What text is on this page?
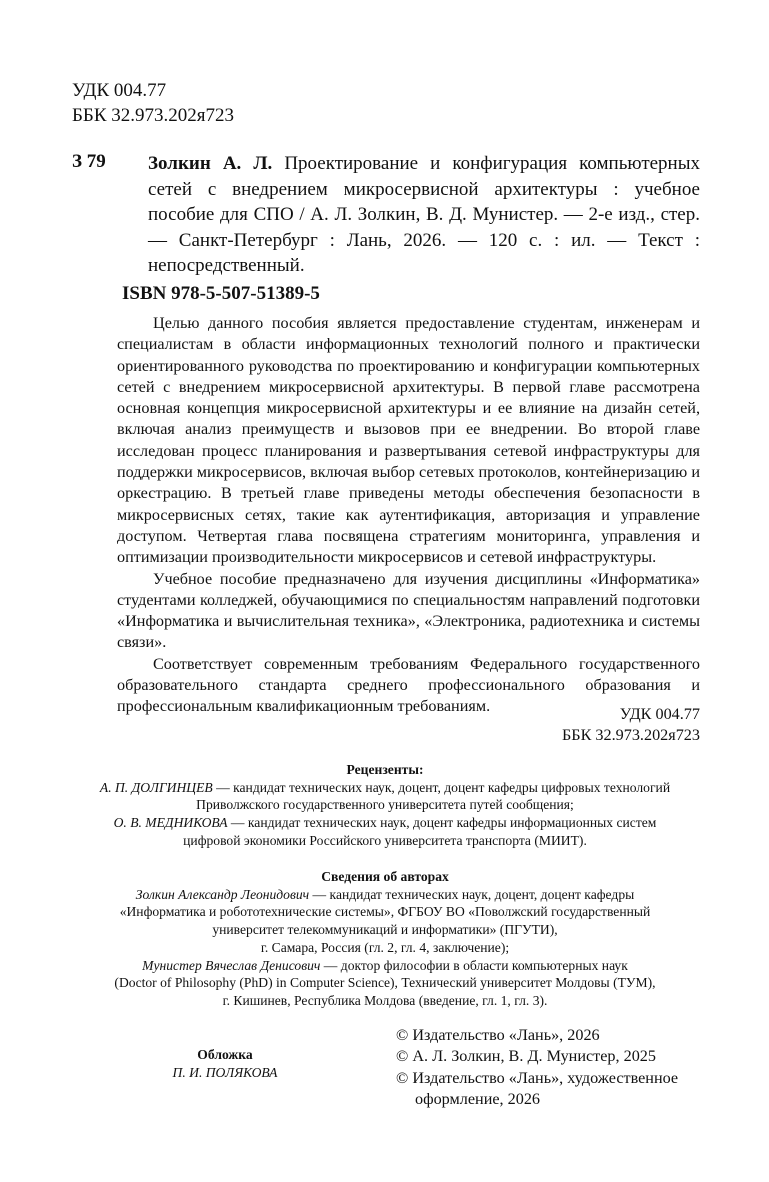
УДК 004.77
ББК 32.973.202я723
З 79 Золкин А. Л. Проектирование и конфигурация компьютерных сетей с внедрением микросервисной архитектуры : учебное пособие для СПО / А. Л. Золкин, В. Д. Мунистер. — 2-е изд., стер. — Санкт-Петербург : Лань, 2026. — 120 с. : ил. — Текст : непосредственный.
ISBN 978-5-507-51389-5

Целью данного пособия является предоставление студентам, инженерам и специалистам в области информационных технологий полного и практически ориентированного руководства по проектированию и конфигурации компьютерных сетей с внедрением микросервисной архитектуры. В первой главе рассмотрена основная концепция микросервисной архитектуры и ее влияние на дизайн сетей, включая анализ преимуществ и вызовов при ее внедрении. Во второй главе исследован процесс планирования и развертывания сетевой инфраструктуры для поддержки микросервисов, включая выбор сетевых протоколов, контейнеризацию и оркестрацию. В третьей главе приведены методы обеспечения безопасности в микросервисных сетях, такие как аутентификация, авторизация и управление доступом. Четвертая глава посвящена стратегиям мониторинга, управления и оптимизации производительности микросервисов и сетевой инфраструктуры.

Учебное пособие предназначено для изучения дисциплины «Информатика» студентами колледжей, обучающимися по специальностям направлений подготовки «Информатика и вычислительная техника», «Электроника, радиотехника и системы связи».

Соответствует современным требованиям Федерального государственного образовательного стандарта среднего профессионального образования и профессиональным квалификационным требованиям.	УДК 004.77
ББК 32.973.202я723
Рецензенты:
А. П. ДОЛГИНЦЕВ — кандидат технических наук, доцент, доцент кафедры цифровых технологий
Приволжского государственного университета путей сообщения;
О. В. МЕДНИКОВА — кандидат технических наук, доцент кафедры информационных систем
цифровой экономики Российского университета транспорта (МИИТ).
Сведения об авторах
Золкин Александр Леонидович — кандидат технических наук, доцент, доцент кафедры
«Информатика и робототехнические системы», ФГБОУ ВО «Поволжский государственный
университет телекоммуникаций и информатики» (ПГУТИ),
г. Самара, Россия (гл. 2, гл. 4, заключение);
Мунистер Вячеслав Денисович — доктор философии в области компьютерных наук
(Doctor of Philosophy (PhD) in Computer Science), Технический университет Молдовы (ТУМ),
г. Кишинев, Республика Молдова (введение, гл. 1, гл. 3).
Обложка
П. И. ПОЛЯКОВА
© Издательство «Лань», 2026
© А. Л. Золкин, В. Д. Мунистер, 2025
© Издательство «Лань», художественное
оформление, 2026
